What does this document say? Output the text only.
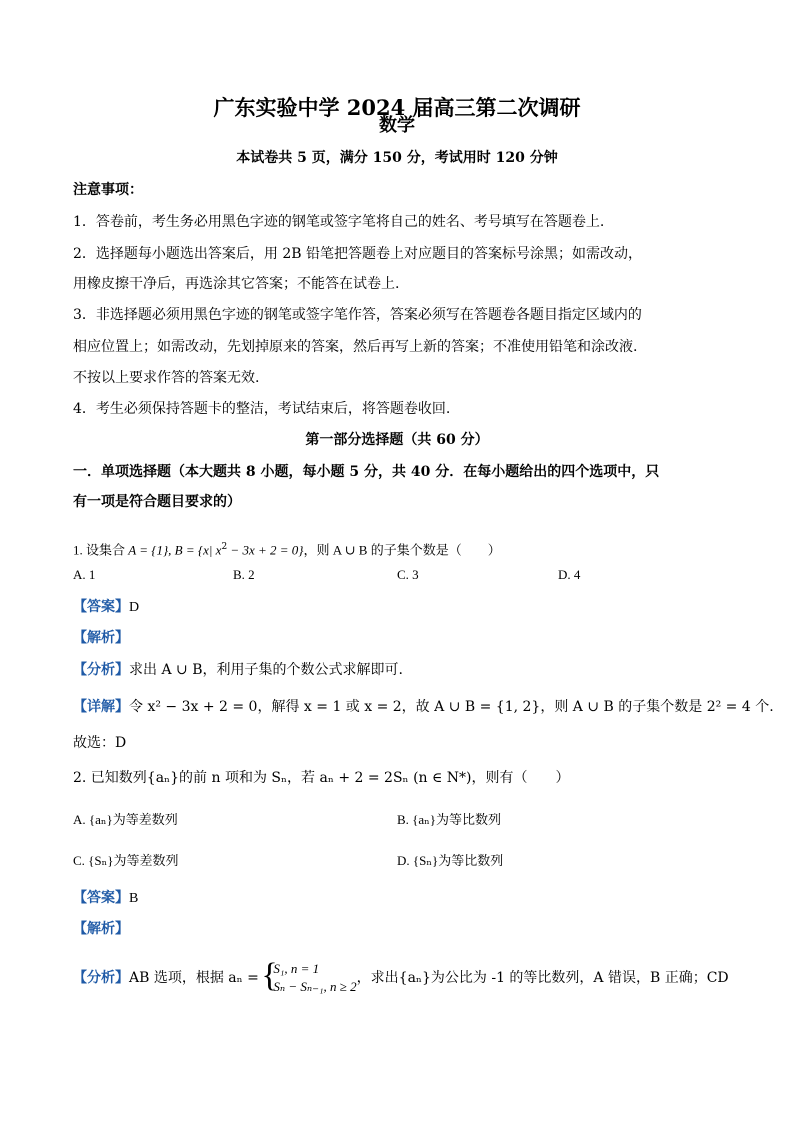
广东实验中学 2024 届高三第二次调研
数学
本试卷共 5 页，满分 150 分，考试用时 120 分钟
注意事项：
1．答卷前，考生务必用黑色字迹的钢笔或签字笔将自己的姓名、考号填写在答题卷上.
2．选择题每小题选出答案后，用 2B 铅笔把答题卷上对应题目的答案标号涂黑；如需改动，
用橡皮擦干净后，再选涂其它答案；不能答在试卷上.
3．非选择题必须用黑色字迹的钢笔或签字笔作答，答案必须写在答题卷各题目指定区域内的
相应位置上；如需改动，先划掉原来的答案，然后再写上新的答案；不准使用铅笔和涂改液.
不按以上要求作答的答案无效.
4．考生必须保持答题卡的整洁，考试结束后，将答题卷收回.
第一部分选择题（共 60 分）
一．单项选择题（本大题共 8 小题，每小题 5 分，共 40 分．在每小题给出的四个选项中，只
有一项是符合题目要求的）
1. 设集合 A = {1}, B = {x| $x^2 - 3x + 2 = 0$}，则 A ∪ B 的子集个数是（　　）
A. 1	B. 2	C. 3	D. 4
【答案】D
【解析】
【分析】求出 A ∪ B，利用子集的个数公式求解即可.
【详解】令 x² − 3x + 2 = 0，解得 x = 1 或 x = 2，故 A ∪ B = {1, 2}，则 A ∪ B 的子集个数是 2² = 4 个.
故选：D
2. 已知数列{aₙ}的前 n 项和为 Sₙ，若 aₙ + 2 = 2Sₙ (n ∈ N*)，则有（　　）
A. {aₙ}为等差数列	B. {aₙ}为等比数列
C. {Sₙ}为等差数列	D. {Sₙ}为等比数列
【答案】B
【解析】
【分析】AB 选项，根据 aₙ =
{ S₁, n = 1
Sₙ − Sₙ₋₁, n ≥ 2
，求出{aₙ}为公比为 -1 的等比数列，A 错误，B 正确；CD
